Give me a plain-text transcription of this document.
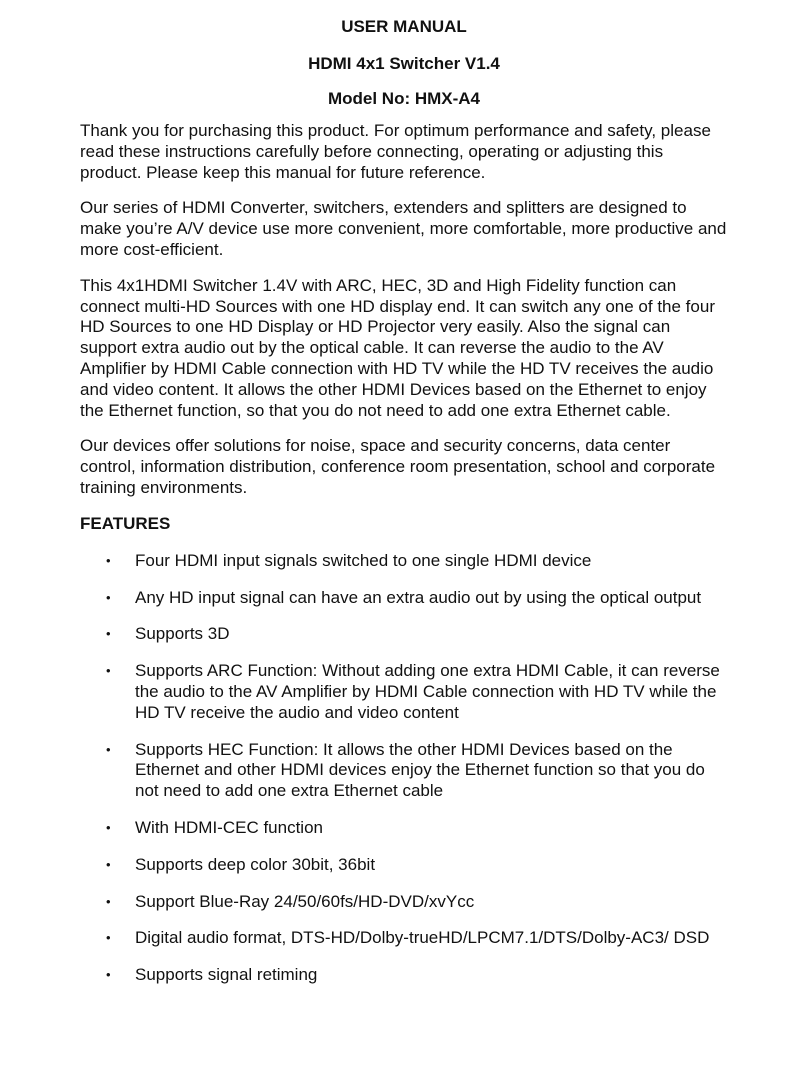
USER MANUAL
HDMI 4x1 Switcher V1.4
Model No: HMX-A4

Thank you for purchasing this product. For optimum performance and safety, please read these instructions carefully before connecting, operating or adjusting this product. Please keep this manual for future reference.

Our series of HDMI Converter, switchers, extenders and splitters are designed to make you’re A/V device use more convenient, more comfortable, more productive and more cost-efficient.

This 4x1HDMI Switcher 1.4V with ARC, HEC, 3D and High Fidelity function can connect multi-HD Sources with one HD display end. It can switch any one of the four HD Sources to one HD Display or HD Projector very easily. Also the signal can support extra audio out by the optical cable. It can reverse the audio to the AV Amplifier by HDMI Cable connection with HD TV while the HD TV receives the audio and video content. It allows the other HDMI Devices based on the Ethernet to enjoy the Ethernet function, so that you do not need to add one extra Ethernet cable.

Our devices offer solutions for noise, space and security concerns, data center control, information distribution, conference room presentation, school and corporate training environments.

FEATURES
• Four HDMI input signals switched to one single HDMI device
• Any HD input signal can have an extra audio out by using the optical output
• Supports 3D
• Supports ARC Function: Without adding one extra HDMI Cable, it can reverse the audio to the AV Amplifier by HDMI Cable connection with HD TV while the HD TV receive the audio and video content
• Supports HEC Function: It allows the other HDMI Devices based on the Ethernet and other HDMI devices enjoy the Ethernet function so that you do not need to add one extra Ethernet cable
• With HDMI-CEC function
• Supports deep color 30bit, 36bit
• Support Blue-Ray 24/50/60fs/HD-DVD/xvYcc
• Digital audio format, DTS-HD/Dolby-trueHD/LPCM7.1/DTS/Dolby-AC3/ DSD
• Supports signal retiming
